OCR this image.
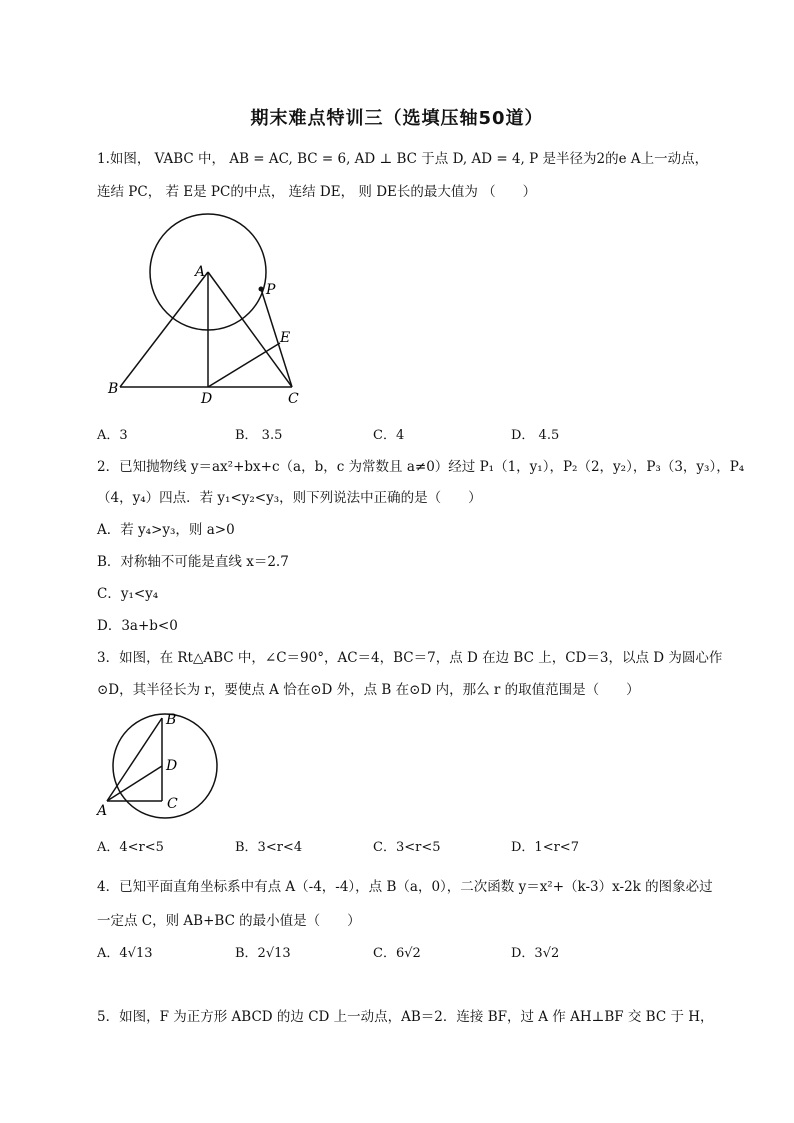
期末难点特训三（选填压轴50道）
1.如图， VABC 中， AB = AC, BC = 6, AD ⊥ BC 于点 D, AD = 4, P 是半径为2的e A上一动点，
连结 PC， 若 E是 PC的中点， 连结 DE， 则 DE长的最大值为 （　　）
A
P
E
B
D	C
A．3	B． 3.5	C．4	D． 4.5
2．已知抛物线 y＝ax²+bx+c（a，b，c 为常数且 a≠0）经过 P₁（1，y₁），P₂（2，y₂），P₃（3，y₃），P₄
（4，y₄）四点．若 y₁<y₂<y₃，则下列说法中正确的是（　　）
A．若 y₄>y₃，则 a>0
B．对称轴不可能是直线 x＝2.7
C．y₁<y₄
D．3a+b<0
3．如图，在 Rt△ABC 中，∠C＝90°，AC＝4，BC＝7，点 D 在边 BC 上，CD＝3，以点 D 为圆心作
⊙D，其半径长为 r，要使点 A 恰在⊙D 外，点 B 在⊙D 内，那么 r 的取值范围是（　　）
B
D
C
A
A．4<r<5	B．3<r<4	C．3<r<5	D．1<r<7
4．已知平面直角坐标系中有点 A（-4，-4），点 B（a，0），二次函数 y＝x²+（k-3）x-2k 的图象必过
一定点 C，则 AB+BC 的最小值是（　　）
A．4√13	B．2√13	C．6√2	D．3√2
5．如图，F 为正方形 ABCD 的边 CD 上一动点，AB＝2．连接 BF，过 A 作 AH⊥BF 交 BC 于 H，
